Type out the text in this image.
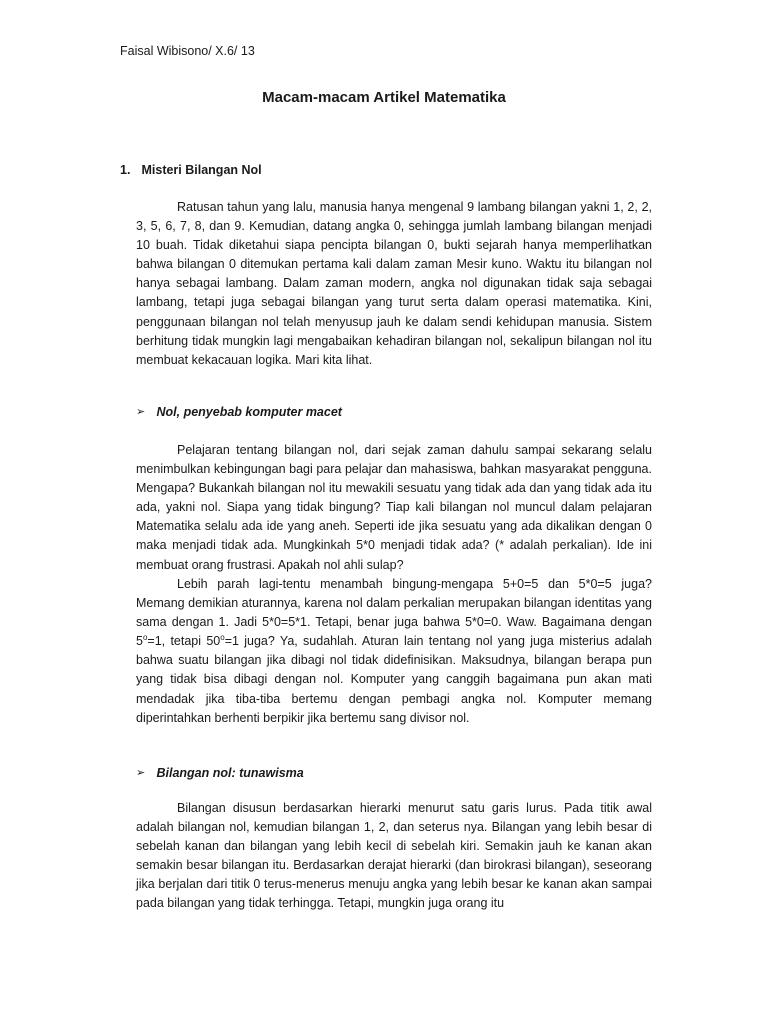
Faisal Wibisono/ X.6/ 13
Macam-macam Artikel Matematika
1. Misteri Bilangan Nol

Ratusan tahun yang lalu, manusia hanya mengenal 9 lambang bilangan yakni 1, 2, 2, 3, 5, 6, 7, 8, dan 9. Kemudian, datang angka 0, sehingga jumlah lambang bilangan menjadi 10 buah. Tidak diketahui siapa pencipta bilangan 0, bukti sejarah hanya memperlihatkan bahwa bilangan 0 ditemukan pertama kali dalam zaman Mesir kuno. Waktu itu bilangan nol hanya sebagai lambang. Dalam zaman modern, angka nol digunakan tidak saja sebagai lambang, tetapi juga sebagai bilangan yang turut serta dalam operasi matematika. Kini, penggunaan bilangan nol telah menyusup jauh ke dalam sendi kehidupan manusia. Sistem berhitung tidak mungkin lagi mengabaikan kehadiran bilangan nol, sekalipun bilangan nol itu membuat kekacauan logika. Mari kita lihat.

➢ Nol, penyebab komputer macet

Pelajaran tentang bilangan nol, dari sejak zaman dahulu sampai sekarang selalu menimbulkan kebingungan bagi para pelajar dan mahasiswa, bahkan masyarakat pengguna. Mengapa? Bukankah bilangan nol itu mewakili sesuatu yang tidak ada dan yang tidak ada itu ada, yakni nol. Siapa yang tidak bingung? Tiap kali bilangan nol muncul dalam pelajaran Matematika selalu ada ide yang aneh. Seperti ide jika sesuatu yang ada dikalikan dengan 0 maka menjadi tidak ada. Mungkinkah 5*0 menjadi tidak ada? (* adalah perkalian). Ide ini membuat orang frustrasi. Apakah nol ahli sulap?

Lebih parah lagi-tentu menambah bingung-mengapa 5+0=5 dan 5*0=5 juga? Memang demikian aturannya, karena nol dalam perkalian merupakan bilangan identitas yang sama dengan 1. Jadi 5*0=5*1. Tetapi, benar juga bahwa 5*0=0. Waw. Bagaimana dengan $5^o=1$, tetapi $50^o=1$ juga? Ya, sudahlah. Aturan lain tentang nol yang juga misterius adalah bahwa suatu bilangan jika dibagi nol tidak didefinisikan. Maksudnya, bilangan berapa pun yang tidak bisa dibagi dengan nol. Komputer yang canggih bagaimana pun akan mati mendadak jika tiba-tiba bertemu dengan pembagi angka nol. Komputer memang diperintahkan berhenti berpikir jika bertemu sang divisor nol.

➢ Bilangan nol: tunawisma

Bilangan disusun berdasarkan hierarki menurut satu garis lurus. Pada titik awal adalah bilangan nol, kemudian bilangan 1, 2, dan seterus nya. Bilangan yang lebih besar di sebelah kanan dan bilangan yang lebih kecil di sebelah kiri. Semakin jauh ke kanan akan semakin besar bilangan itu. Berdasarkan derajat hierarki (dan birokrasi bilangan), seseorang jika berjalan dari titik 0 terus-menerus menuju angka yang lebih besar ke kanan akan sampai pada bilangan yang tidak terhingga. Tetapi, mungkin juga orang itu
